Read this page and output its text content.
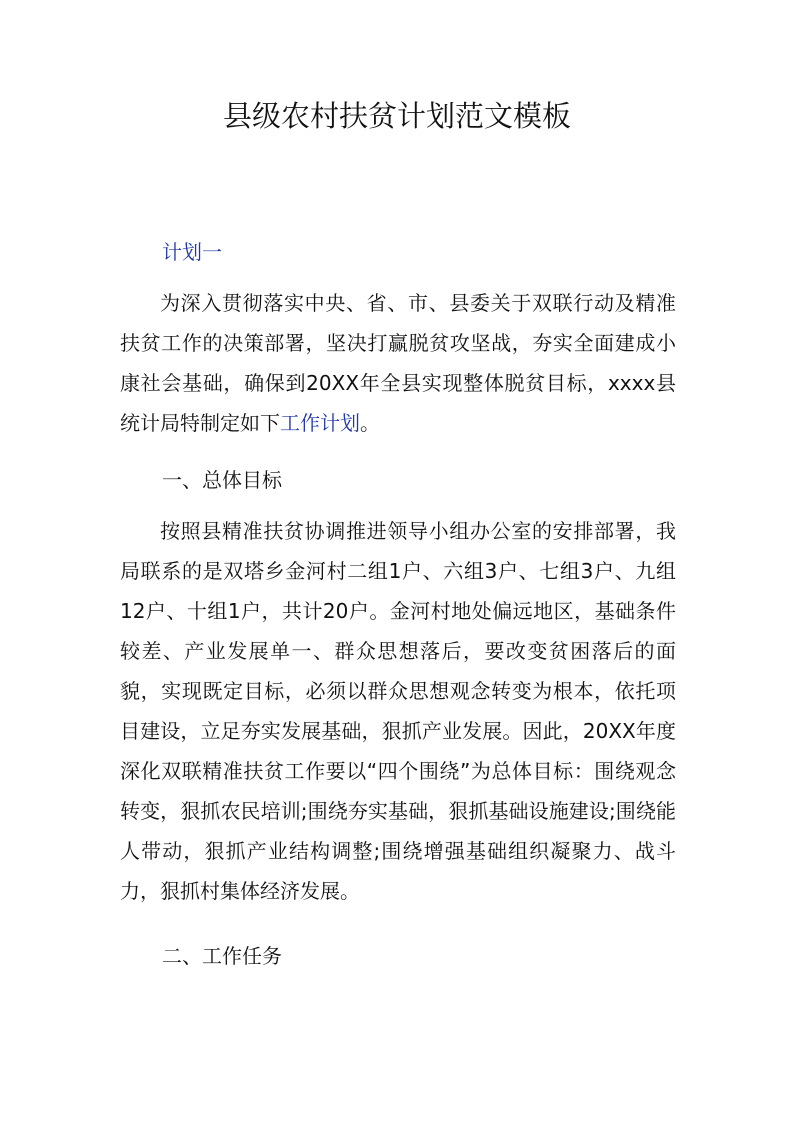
县级农村扶贫计划范文模板
计划一

为深入贯彻落实中央、省、市、县委关于双联行动及精准扶贫工作的决策部署，坚决打赢脱贫攻坚战，夯实全面建成小康社会基础，确保到20XX年全县实现整体脱贫目标，xxxx县统计局特制定如下工作计划。

一、总体目标

按照县精准扶贫协调推进领导小组办公室的安排部署，我局联系的是双塔乡金河村二组1户、六组3户、七组3户、九组12户、十组1户，共计20户。金河村地处偏远地区，基础条件较差、产业发展单一、群众思想落后，要改变贫困落后的面貌，实现既定目标，必须以群众思想观念转变为根本，依托项目建设，立足夯实发展基础，狠抓产业发展。因此，20XX年度深化双联精准扶贫工作要以“四个围绕”为总体目标：围绕观念转变，狠抓农民培训;围绕夯实基础，狠抓基础设施建设;围绕能人带动，狠抓产业结构调整;围绕增强基础组织凝聚力、战斗力，狠抓村集体经济发展。

二、工作任务
